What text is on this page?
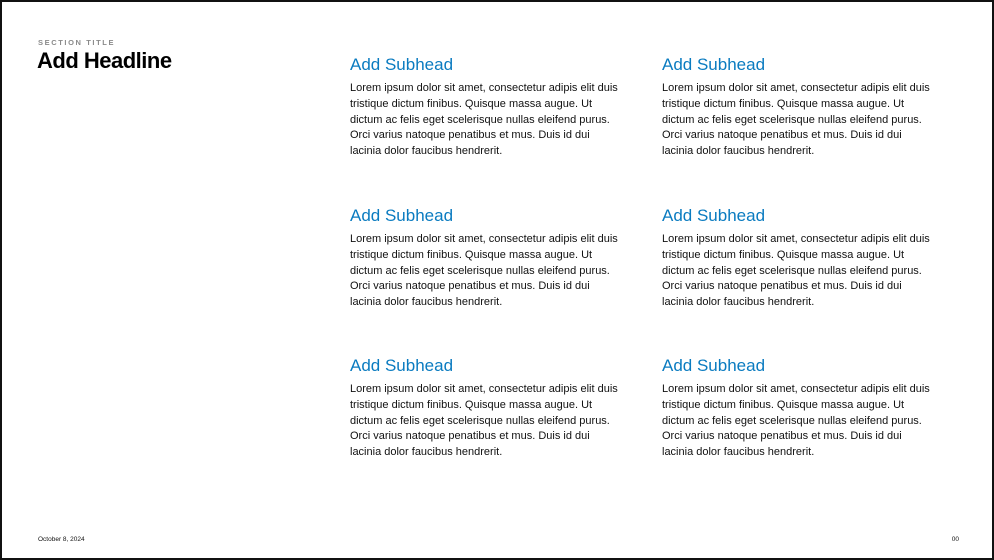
SECTION TITLE
Add Headline	Add Subhead

Lorem ipsum dolor sit amet, consectetur adipis elit duis tristique dictum finibus. Quisque massa augue. Ut dictum ac felis eget scelerisque nullas eleifend purus. Orci varius natoque penatibus et mus. Duis id dui lacinia dolor faucibus hendrerit.

Add Subhead

Lorem ipsum dolor sit amet, consectetur adipis elit duis tristique dictum finibus. Quisque massa augue. Ut dictum ac felis eget scelerisque nullas eleifend purus. Orci varius natoque penatibus et mus. Duis id dui lacinia dolor faucibus hendrerit.

Add Subhead

Lorem ipsum dolor sit amet, consectetur adipis elit duis tristique dictum finibus. Quisque massa augue. Ut dictum ac felis eget scelerisque nullas eleifend purus. Orci varius natoque penatibus et mus. Duis id dui lacinia dolor faucibus hendrerit.

Add Subhead

Lorem ipsum dolor sit amet, consectetur adipis elit duis tristique dictum finibus. Quisque massa augue. Ut dictum ac felis eget scelerisque nullas eleifend purus. Orci varius natoque penatibus et mus. Duis id dui lacinia dolor faucibus hendrerit.

Add Subhead

Lorem ipsum dolor sit amet, consectetur adipis elit duis tristique dictum finibus. Quisque massa augue. Ut dictum ac felis eget scelerisque nullas eleifend purus. Orci varius natoque penatibus et mus. Duis id dui lacinia dolor faucibus hendrerit.

Add Subhead

Lorem ipsum dolor sit amet, consectetur adipis elit duis tristique dictum finibus. Quisque massa augue. Ut dictum ac felis eget scelerisque nullas eleifend purus. Orci varius natoque penatibus et mus. Duis id dui lacinia dolor faucibus hendrerit.

October 8, 2024	00
